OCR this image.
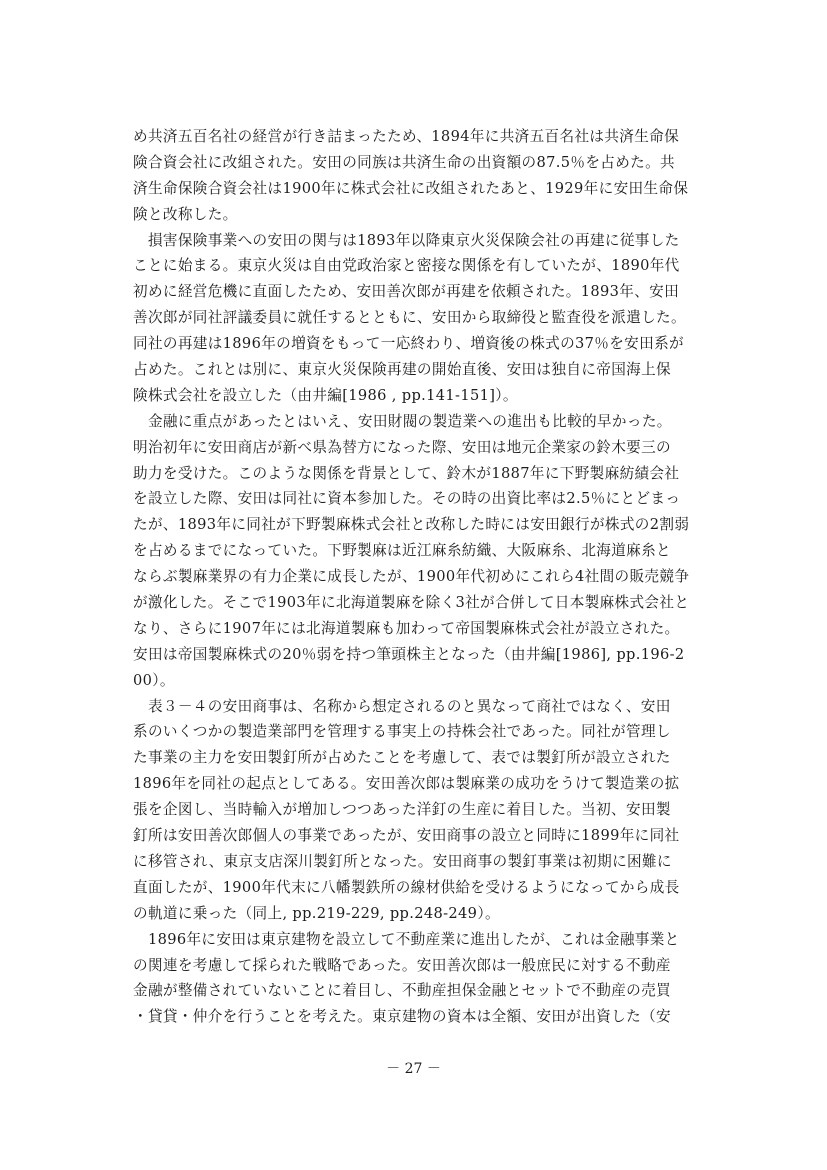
め共済五百名社の経営が行き詰まったため、1894年に共済五百名社は共済生命保
険合資会社に改組された。安田の同族は共済生命の出資額の87.5％を占めた。共
済生命保険合資会社は1900年に株式会社に改組されたあと、1929年に安田生命保
険と改称した。
　損害保険事業への安田の関与は1893年以降東京火災保険会社の再建に従事した
ことに始まる。東京火災は自由党政治家と密接な関係を有していたが、1890年代
初めに経営危機に直面したため、安田善次郎が再建を依頼された。1893年、安田
善次郎が同社評議委員に就任するとともに、安田から取締役と監査役を派遣した。
同社の再建は1896年の増資をもって一応終わり、増資後の株式の37％を安田系が
占めた。これとは別に、東京火災保険再建の開始直後、安田は独自に帝国海上保
険株式会社を設立した（由井編[1986 , pp.141-151]）。
　金融に重点があったとはいえ、安田財閥の製造業への進出も比較的早かった。
明治初年に安田商店が新べ県為替方になった際、安田は地元企業家の鈴木要三の
助力を受けた。このような関係を背景として、鈴木が1887年に下野製麻紡績会社
を設立した際、安田は同社に資本参加した。その時の出資比率は2.5％にとどまっ
たが、1893年に同社が下野製麻株式会社と改称した時には安田銀行が株式の2割弱
を占めるまでになっていた。下野製麻は近江麻糸紡織、大阪麻糸、北海道麻糸と
ならぶ製麻業界の有力企業に成長したが、1900年代初めにこれら4社間の販売競争
が激化した。そこで1903年に北海道製麻を除く3社が合併して日本製麻株式会社と
なり、さらに1907年には北海道製麻も加わって帝国製麻株式会社が設立された。
安田は帝国製麻株式の20％弱を持つ筆頭株主となった（由井編[1986], pp.196-2
00）。
　表３－４の安田商事は、名称から想定されるのと異なって商社ではなく、安田
系のいくつかの製造業部門を管理する事実上の持株会社であった。同社が管理し
た事業の主力を安田製釘所が占めたことを考慮して、表では製釘所が設立された
1896年を同社の起点としてある。安田善次郎は製麻業の成功をうけて製造業の拡
張を企図し、当時輸入が増加しつつあった洋釘の生産に着目した。当初、安田製
釘所は安田善次郎個人の事業であったが、安田商事の設立と同時に1899年に同社
に移管され、東京支店深川製釘所となった。安田商事の製釘事業は初期に困難に
直面したが、1900年代末に八幡製鉄所の線材供給を受けるようになってから成長
の軌道に乗った（同上, pp.219-229, pp.248-249）。
　1896年に安田は東京建物を設立して不動産業に進出したが、これは金融事業と
の関連を考慮して採られた戦略であった。安田善次郎は一般庶民に対する不動産
金融が整備されていないことに着目し、不動産担保金融とセットで不動産の売買
・貸貸・仲介を行うことを考えた。東京建物の資本は全額、安田が出資した（安
－ 27 －
